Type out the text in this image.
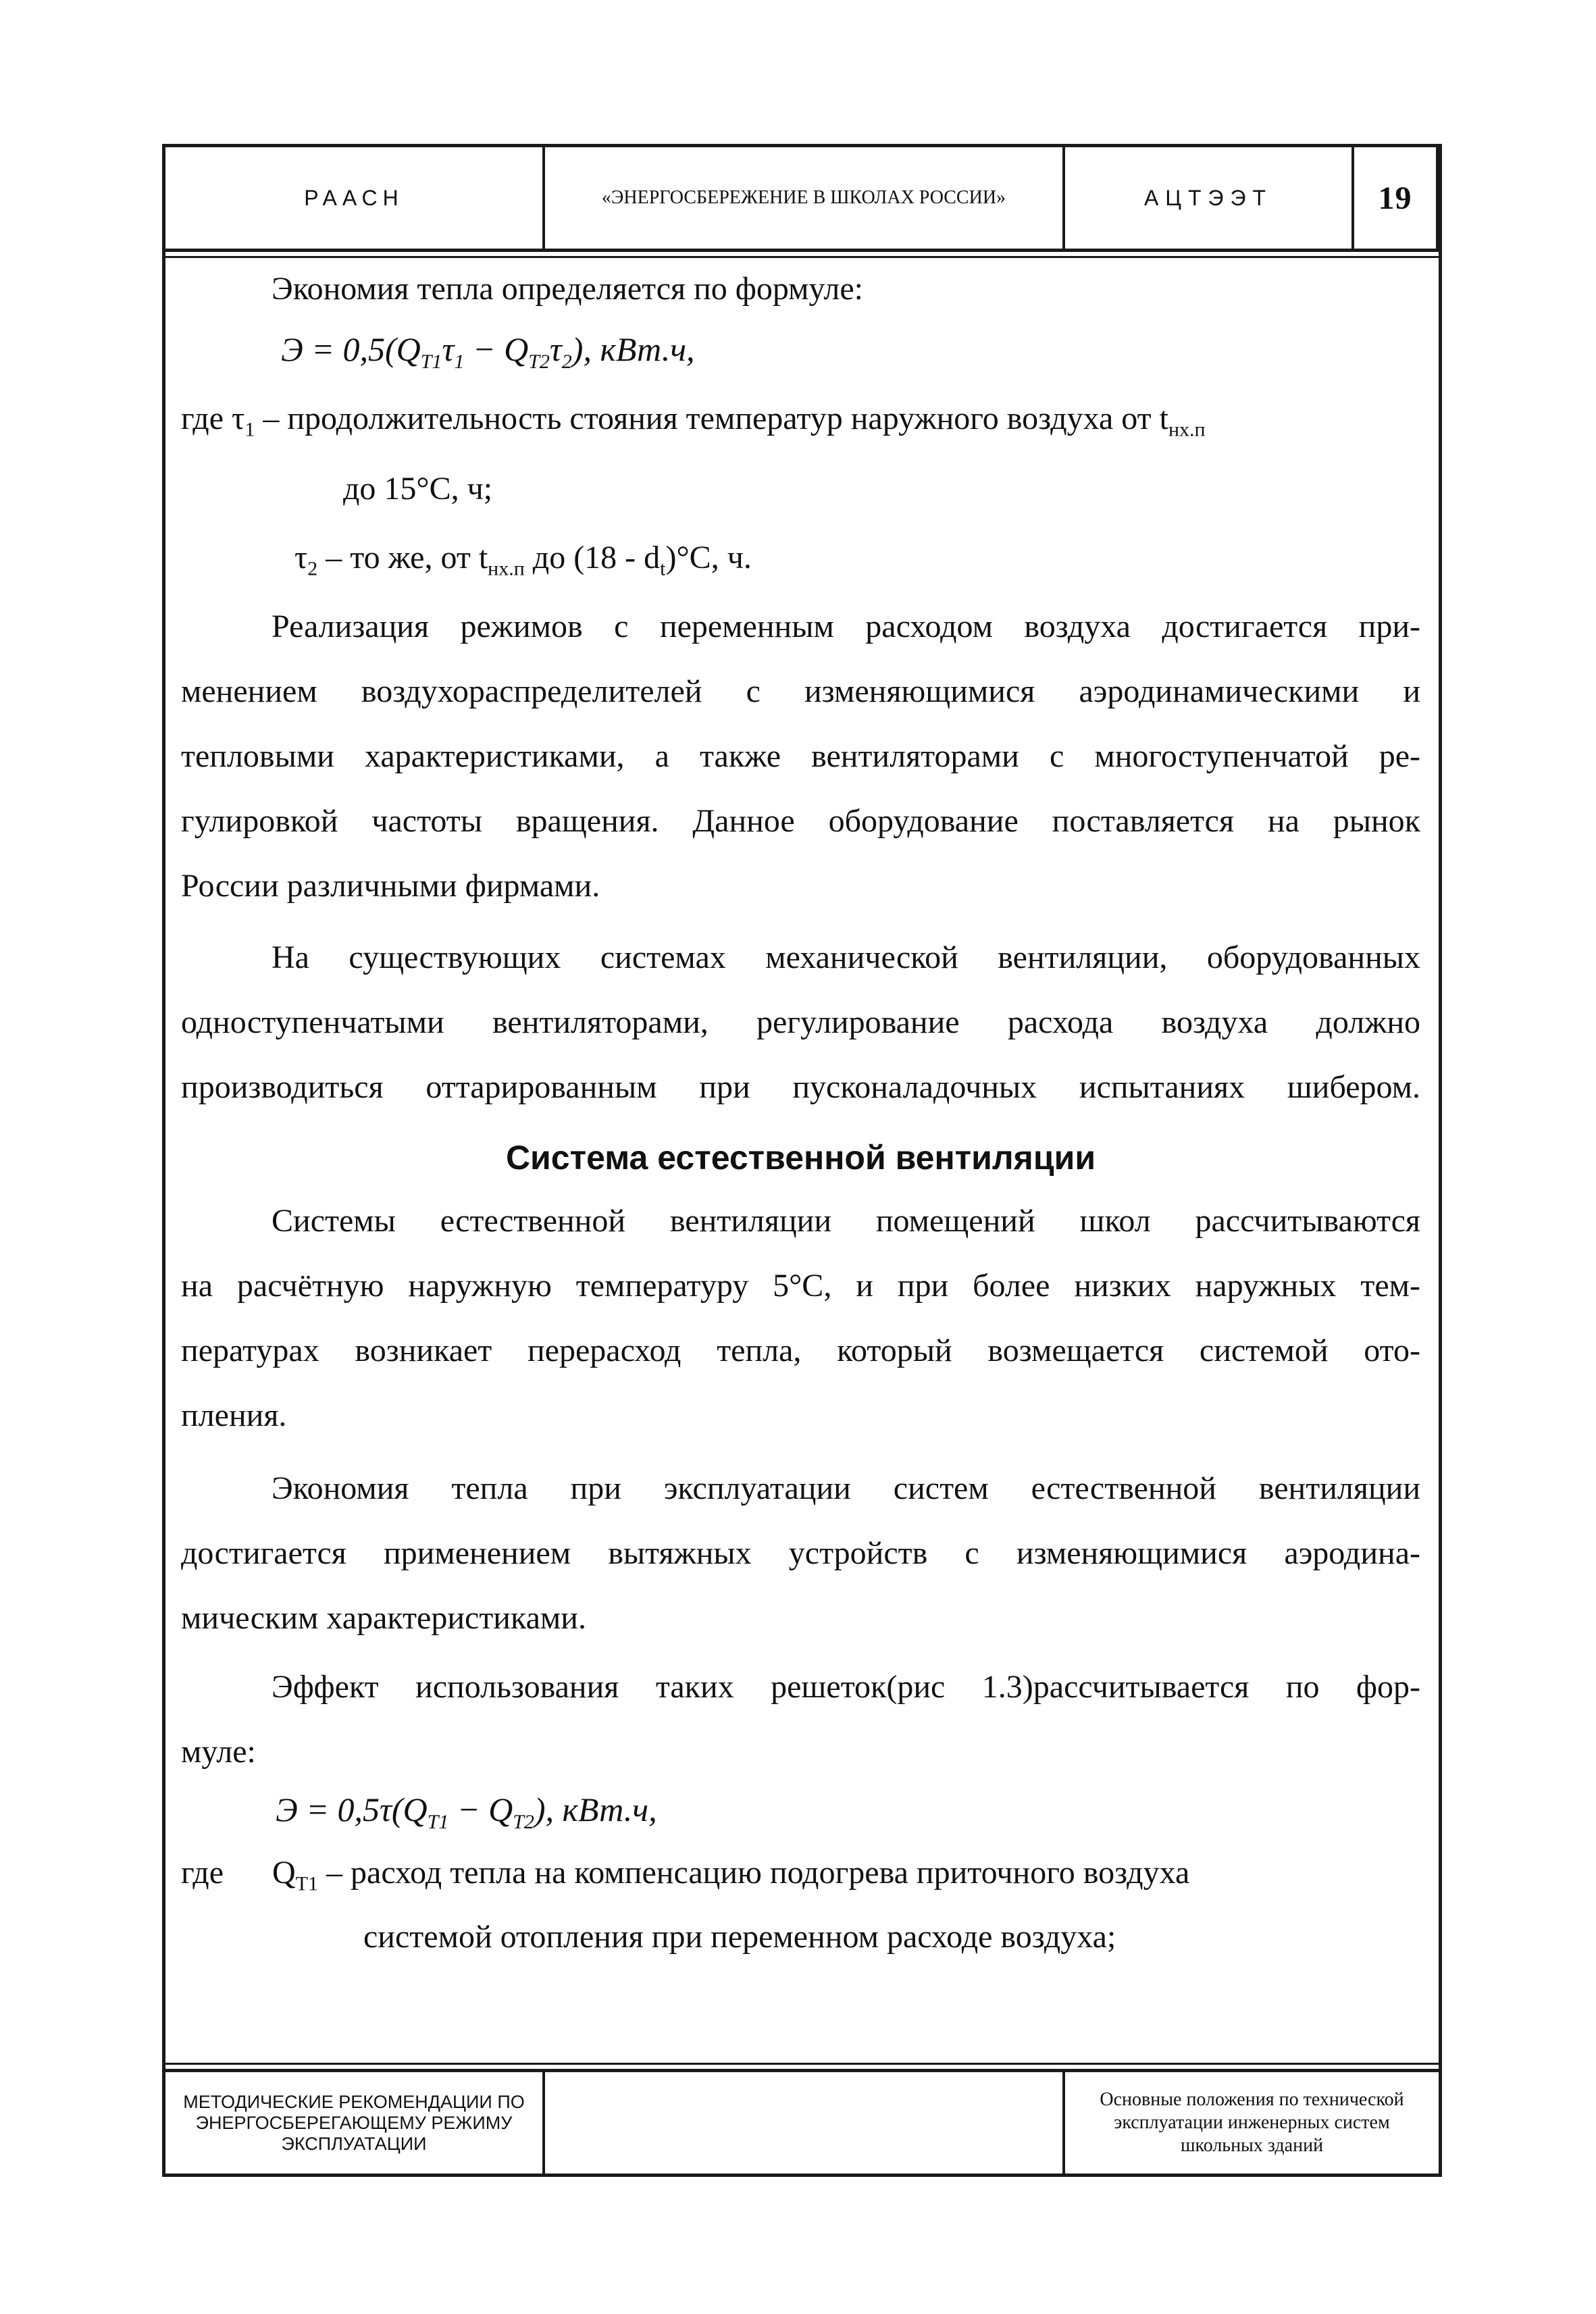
РААСН	«ЭНЕРГОСБЕРЕЖЕНИЕ В ШКОЛАХ РОССИИ»	АЦТЭЭТ	19
Экономия тепла определяется по формуле:
$Э = 0,5(Q_{T1}\tau_1 - Q_{T2}\tau_2)$, кВт.ч,
где $\tau_1$ – продолжительность стояния температур наружного воздуха от $t_{нх.п}$
до 15°С, ч;
$\tau_2$ – то же, от $t_{нх.п}$ до $(18 - d_t)^\circ С$, ч.
Реализация режимов с переменным расходом воздуха достигается при-
менением воздухораспределителей с изменяющимися аэродинамическими и
тепловыми характеристиками, а также вентиляторами с многоступенчатой ре-
гулировкой частоты вращения. Данное оборудование поставляется на рынок
России различными фирмами.
На существующих системах механической вентиляции, оборудованных
одноступенчатыми вентиляторами, регулирование расхода воздуха должно
производиться оттарированным при пусконаладочных испытаниях шибером.
Система естественной вентиляции
Системы естественной вентиляции помещений школ рассчитываются
на расчётную наружную температуру 5°С, и при более низких наружных тем-
пературах возникает перерасход тепла, который возмещается системой ото-
пления.
Экономия тепла при эксплуатации систем естественной вентиляции
достигается применением вытяжных устройств с изменяющимися аэродина-
мическим характеристиками.
Эффект использования таких решеток(рис 1.3)рассчитывается по фор-
муле:
$Э = 0,5\tau(Q_{T1} - Q_{T2})$, кВт.ч,
где      $Q_{T1}$ – расход тепла на компенсацию подогрева приточного воздуха
системой отопления при переменном расходе воздуха;
МЕТОДИЧЕСКИЕ РЕКОМЕНДАЦИИ ПО ЭНЕРГОСБЕРЕГАЮЩЕМУ РЕЖИМУ ЭКСПЛУАТАЦИИ
Основные положения по технической эксплуатации инженерных систем школьных зданий
